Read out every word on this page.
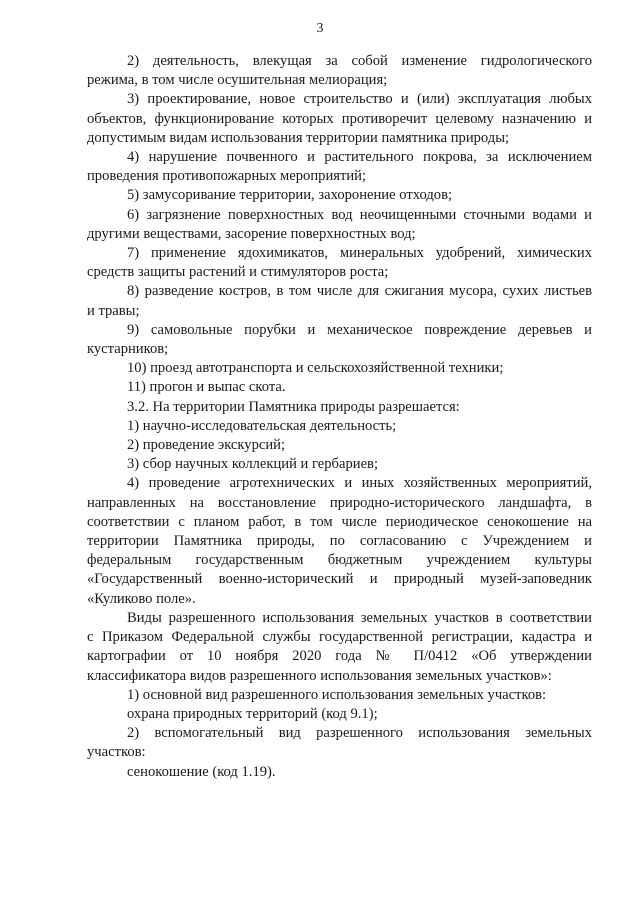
3
2) деятельность, влекущая за собой изменение гидрологического
режима, в том числе осушительная мелиорация;
3) проектирование, новое строительство и (или) эксплуатация любых
объектов, функционирование которых противоречит целевому назначению и
допустимым видам использования территории памятника природы;
4) нарушение почвенного и растительного покрова, за исключением
проведения противопожарных мероприятий;
5) замусоривание территории, захоронение отходов;
6) загрязнение поверхностных вод неочищенными сточными водами и
другими веществами, засорение поверхностных вод;
7) применение ядохимикатов, минеральных удобрений, химических
средств защиты растений и стимуляторов роста;
8) разведение костров, в том числе для сжигания мусора, сухих листьев
и травы;
9) самовольные порубки и механическое повреждение деревьев и
кустарников;
10) проезд автотранспорта и сельскохозяйственной техники;
11) прогон и выпас скота.
3.2. На территории Памятника природы разрешается:
1) научно-исследовательская деятельность;
2) проведение экскурсий;
3) сбор научных коллекций и гербариев;
4) проведение агротехнических и иных хозяйственных мероприятий,
направленных на восстановление природно-исторического ландшафта, в
соответствии с планом работ, в том числе периодическое сенокошение на
территории Памятника природы, по согласованию с Учреждением и
федеральным государственным бюджетным учреждением культуры
«Государственный военно-исторический и природный музей-заповедник
«Куликово поле».
Виды разрешенного использования земельных участков в соответствии
с Приказом Федеральной службы государственной регистрации, кадастра и
картографии от 10 ноября 2020 года № П/0412 «Об утверждении
классификатора видов разрешенного использования земельных участков»:
1) основной вид разрешенного использования земельных участков:
охрана природных территорий (код 9.1);
2) вспомогательный вид разрешенного использования земельных
участков:
сенокошение (код 1.19).
